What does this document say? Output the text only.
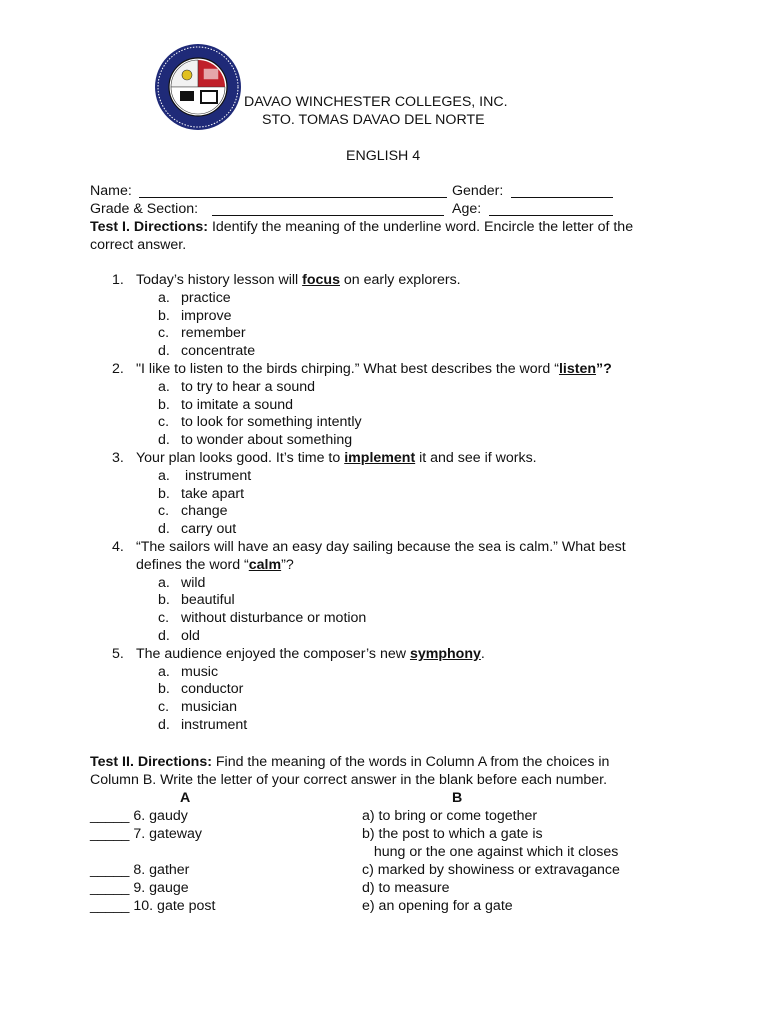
DAVAO WINCHESTER COLLEGES, INC.
STO. TOMAS DAVAO DEL NORTE
ENGLISH 4
Name:	Gender:
Grade & Section:	Age:
Test I. Directions: Identify the meaning of the underline word. Encircle the letter of the
correct answer.
1. Today’s history lesson will focus on early explorers.
a. practice
b. improve
c. remember
d. concentrate
2. "I like to listen to the birds chirping.” What best describes the word “listen”?
a. to try to hear a sound
b. to imitate a sound
c. to look for something intently
d. to wonder about something
3. Your plan looks good. It’s time to implement it and see if works.
a. instrument
b. take apart
c. change
d. carry out
4. “The sailors will have an easy day sailing because the sea is calm.” What best
defines the word “calm”?
a. wild
b. beautiful
c. without disturbance or motion
d. old
5. The audience enjoyed the composer’s new symphony.
a. music
b. conductor
c. musician
d. instrument
Test II. Directions: Find the meaning of the words in Column A from the choices in
Column B. Write the letter of your correct answer in the blank before each number.
A	B
_____ 6. gaudy	a) to bring or come together
_____ 7. gateway	b) the post to which a gate is
hung or the one against which it closes
_____ 8. gather	c) marked by showiness or extravagance
_____ 9. gauge	d) to measure
_____ 10. gate post	e) an opening for a gate
